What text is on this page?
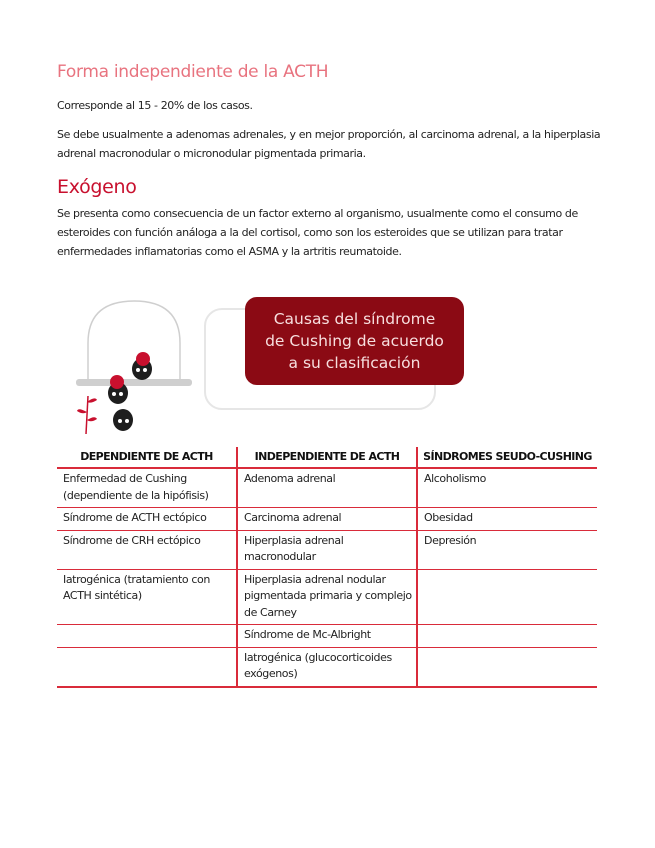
Forma independiente de la ACTH
Corresponde al 15 - 20% de los casos.
Se debe usualmente a adenomas adrenales, y en mejor proporción, al carcinoma adrenal, a la hiperplasia adrenal macronodular o micronodular pigmentada primaria.
Exógeno
Se presenta como consecuencia de un factor externo al organismo, usualmente como el consumo de esteroides con función análoga a la del cortisol, como son los esteroides que se utilizan para tratar enfermedades inflamatorias como el ASMA y la artritis reumatoide.
Causas del síndrome de Cushing de acuerdo a su clasificación
DEPENDIENTE DE ACTH	INDEPENDIENTE DE ACTH	SÍNDROMES SEUDO-CUSHING
Enfermedad de Cushing (dependiente de la hipófisis)	Adenoma adrenal	Alcoholismo
Síndrome de ACTH ectópico	Carcinoma adrenal	Obesidad
Síndrome de CRH ectópico	Hiperplasia adrenal macronodular	Depresión
Iatrogénica (tratamiento con ACTH sintética)	Hiperplasia adrenal nodular pigmentada primaria y complejo de Carney	
	Síndrome de Mc-Albright	
	Iatrogénica (glucocorticoides exógenos)	
